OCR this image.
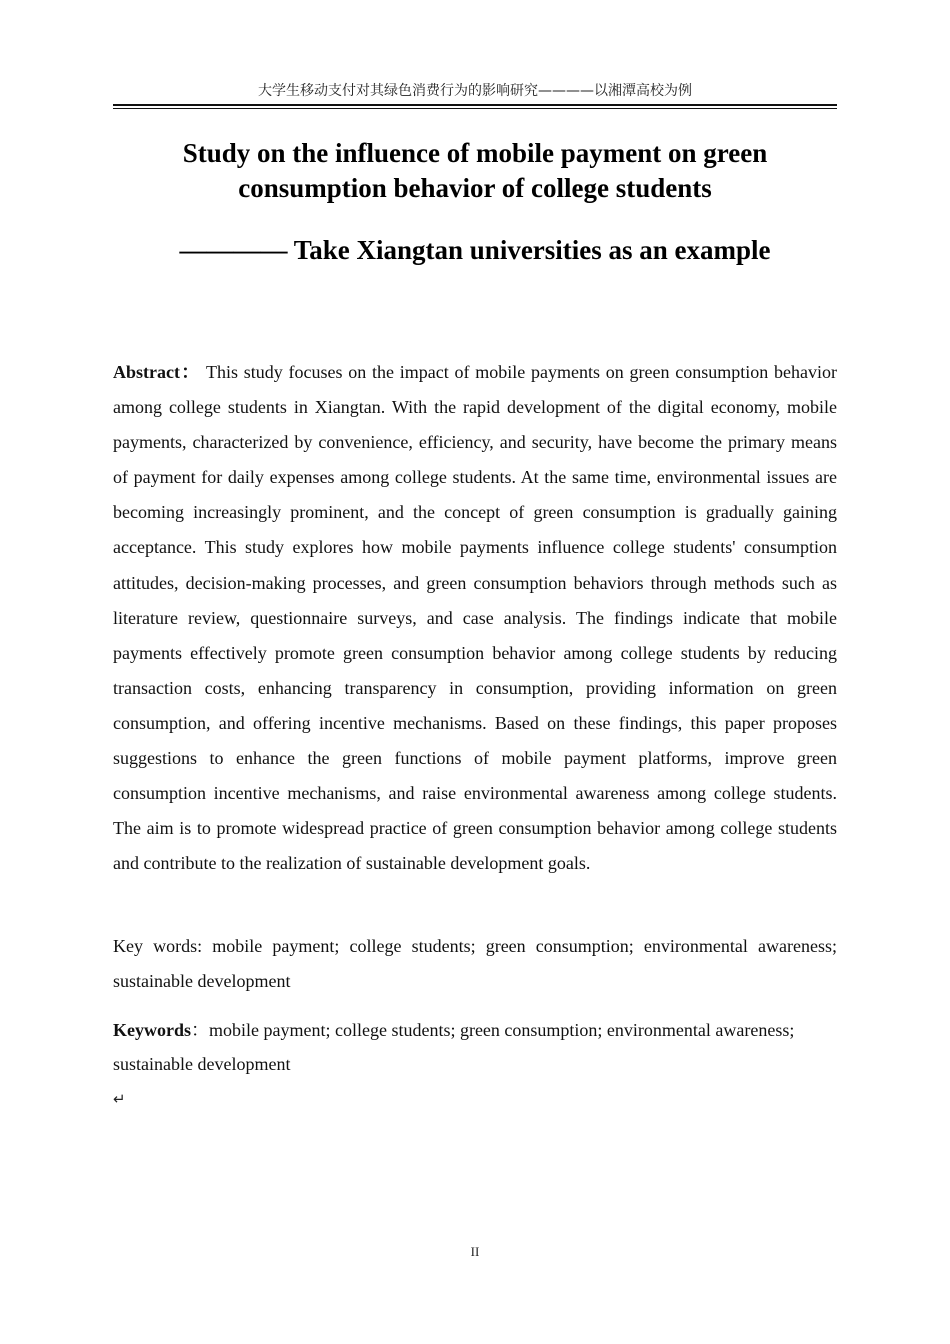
大学生移动支付对其绿色消费行为的影响研究————以湘潭高校为例
Study on the influence of mobile payment on green consumption behavior of college students
———— Take Xiangtan universities as an example

Abstract： This study focuses on the impact of mobile payments on green consumption behavior among college students in Xiangtan. With the rapid development of the digital economy, mobile payments, characterized by convenience, efficiency, and security, have become the primary means of payment for daily expenses among college students. At the same time, environmental issues are becoming increasingly prominent, and the concept of green consumption is gradually gaining acceptance. This study explores how mobile payments influence college students' consumption attitudes, decision-making processes, and green consumption behaviors through methods such as literature review, questionnaire surveys, and case analysis. The findings indicate that mobile payments effectively promote green consumption behavior among college students by reducing transaction costs, enhancing transparency in consumption, providing information on green consumption, and offering incentive mechanisms. Based on these findings, this paper proposes suggestions to enhance the green functions of mobile payment platforms, improve green consumption incentive mechanisms, and raise environmental awareness among college students. The aim is to promote widespread practice of green consumption behavior among college students and contribute to the realization of sustainable development goals.

Key words: mobile payment; college students; green consumption; environmental awareness; sustainable development

Keywords：mobile payment; college students; green consumption; environmental awareness; sustainable development

↵
II
